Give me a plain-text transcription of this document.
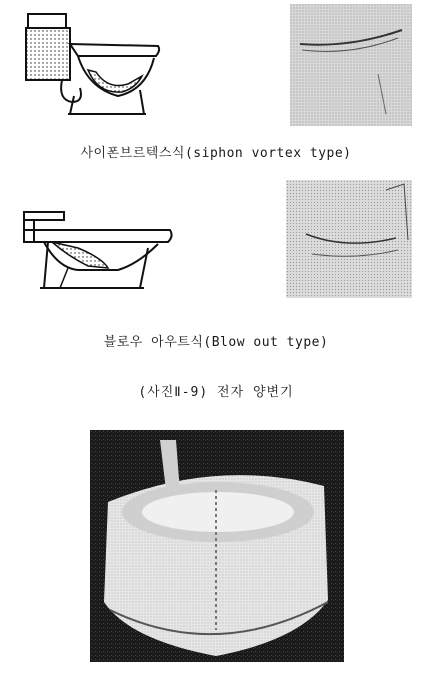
사이폰브르텍스식(siphon vortex type)
블로우 아우트식(Blow out type)
(사진Ⅱ-9) 전자 양변기
